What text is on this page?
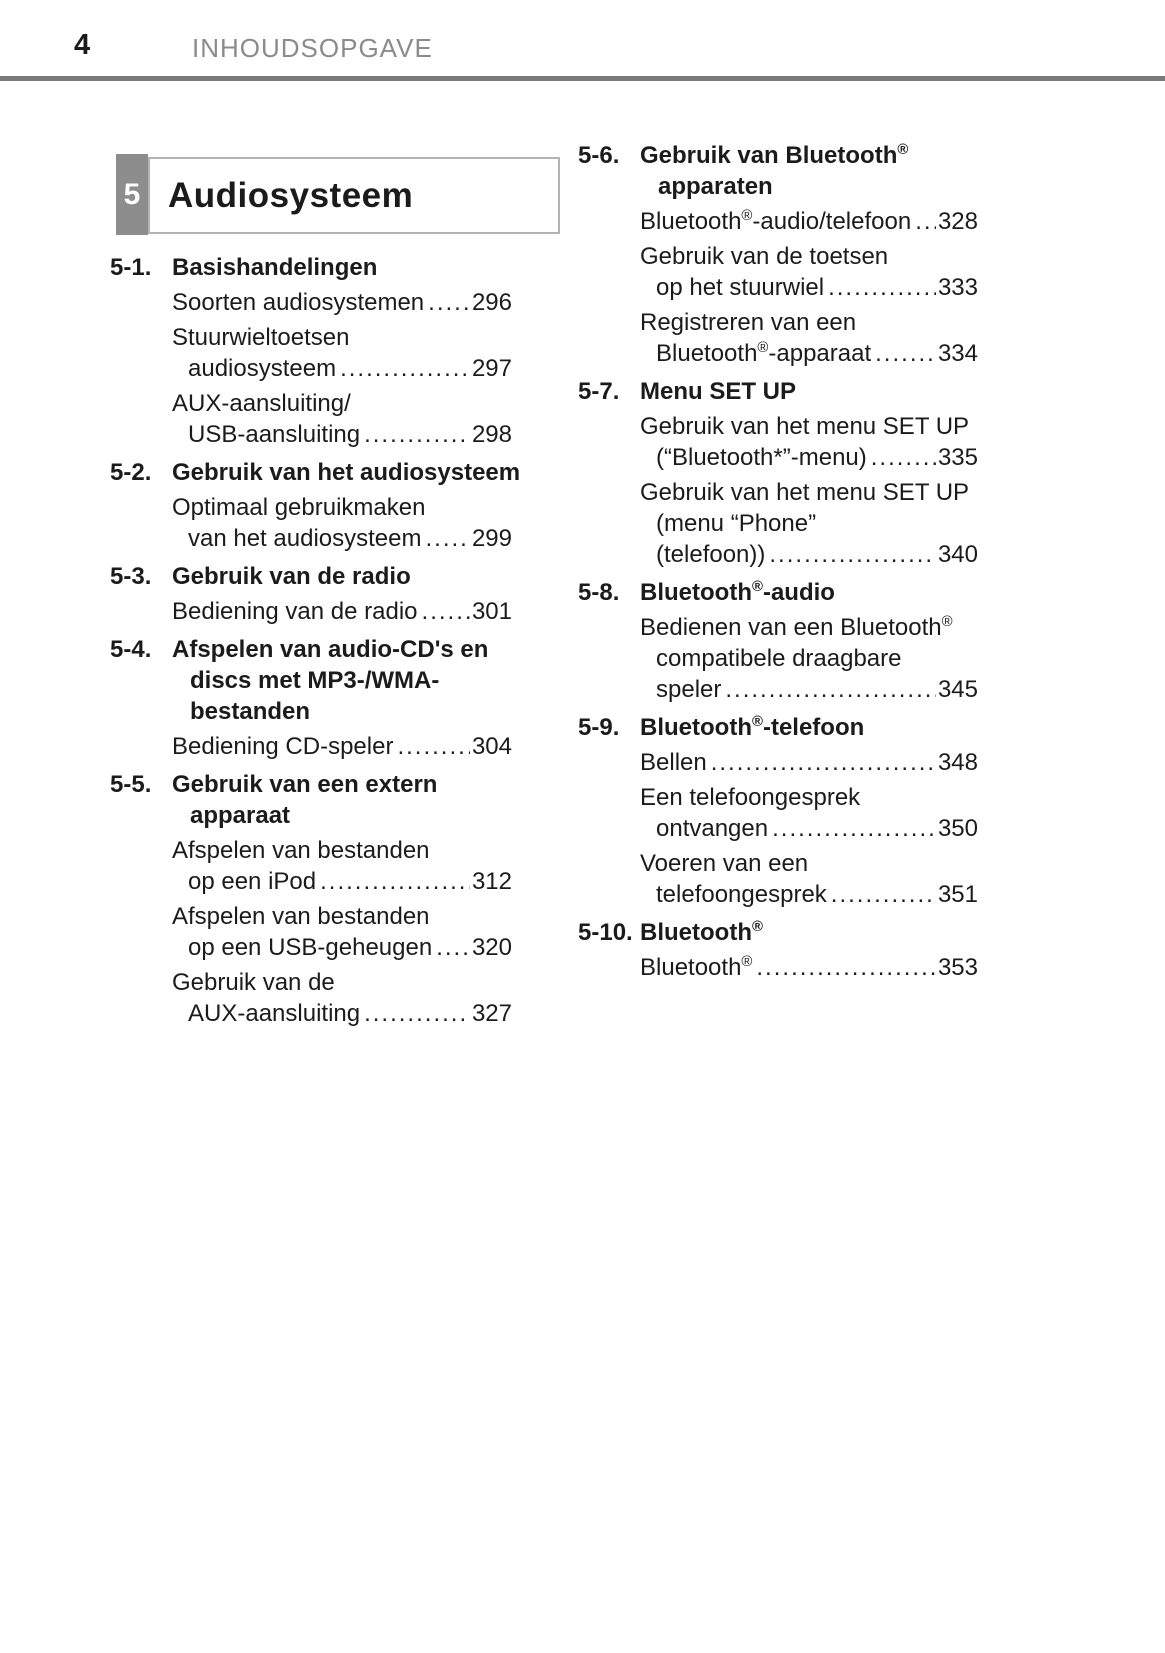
4	INHOUDSOPGAVE
5 Audiosysteem
5-1. Basishandelingen
Soorten audiosystemen ..... 296
Stuurwieltoetsen
audiosysteem .....	297
AUX-aansluiting/
USB-aansluiting .....	298
5-2. Gebruik van het audiosysteem
Optimaal gebruikmaken
van het audiosysteem ..... 299
5-3. Gebruik van de radio
Bediening van de radio ..... 301
5-4. Afspelen van audio-CD's en
discs met MP3-/WMA-
bestanden
Bediening CD-speler .....	304
5-5. Gebruik van een extern
apparaat
Afspelen van bestanden
op een iPod .....	312
Afspelen van bestanden
op een USB-geheugen ..... 320
Gebruik van de
AUX-aansluiting .....	327
5-6. Gebruik van Bluetooth®
apparaten
Bluetooth®-audio/telefoon ..... 328
Gebruik van de toetsen
op het stuurwiel .....	333
Registreren van een
Bluetooth®-apparaat .....	334
5-7. Menu SET UP
Gebruik van het menu SET UP
(“Bluetooth*”-menu) .....	335
Gebruik van het menu SET UP
(menu “Phone”
(telefoon)) .....	340
5-8. Bluetooth®-audio
Bedienen van een Bluetooth®
compatibele draagbare
speler .....	345
5-9. Bluetooth®-telefoon
Bellen .....	348
Een telefoongesprek
ontvangen .....	350
Voeren van een
telefoongesprek .....	351
5-10. Bluetooth®
Bluetooth® .....	353
